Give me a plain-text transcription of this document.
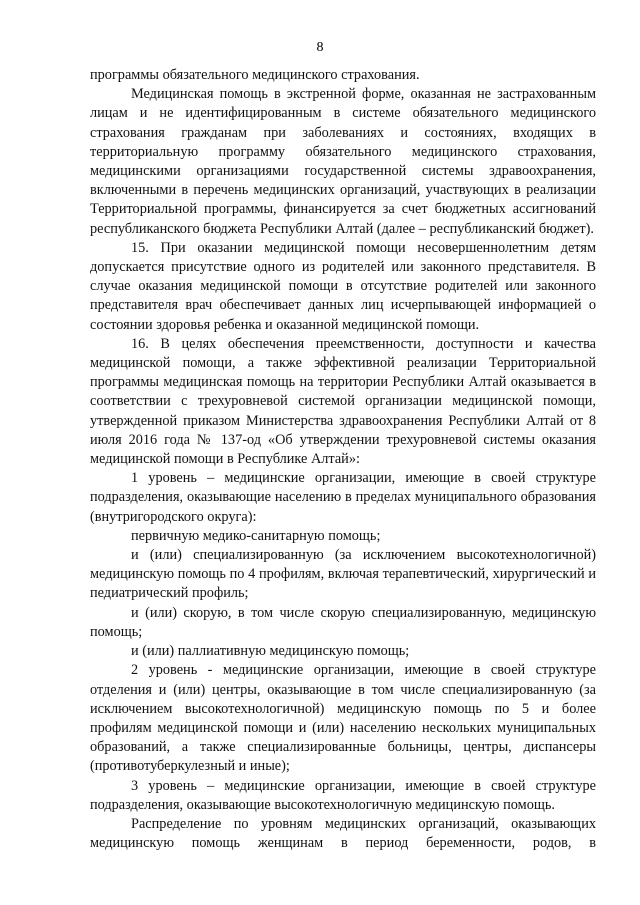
8

программы обязательного медицинского страхования.

Медицинская помощь в экстренной форме, оказанная не застрахованным лицам и не идентифицированным в системе обязательного медицинского страхования гражданам при заболеваниях и состояниях, входящих в территориальную программу обязательного медицинского страхования, медицинскими организациями государственной системы здравоохранения, включенными в перечень медицинских организаций, участвующих в реализации Территориальной программы, финансируется за счет бюджетных ассигнований республиканского бюджета Республики Алтай (далее – республиканский бюджет).

15. При оказании медицинской помощи несовершеннолетним детям допускается присутствие одного из родителей или законного представителя. В случае оказания медицинской помощи в отсутствие родителей или законного представителя врач обеспечивает данных лиц исчерпывающей информацией о состоянии здоровья ребенка и оказанной медицинской помощи.

16. В целях обеспечения преемственности, доступности и качества медицинской помощи, а также эффективной реализации Территориальной программы медицинская помощь на территории Республики Алтай оказывается в соответствии с трехуровневой системой организации медицинской помощи, утвержденной приказом Министерства здравоохранения Республики Алтай от 8 июля 2016 года № 137-од «Об утверждении трехуровневой системы оказания медицинской помощи в Республике Алтай»:

1 уровень – медицинские организации, имеющие в своей структуре подразделения, оказывающие населению в пределах муниципального образования (внутригородского округа):

первичную медико-санитарную помощь;

и (или) специализированную (за исключением высокотехнологичной) медицинскую помощь по 4 профилям, включая терапевтический, хирургический и педиатрический профиль;

и (или) скорую, в том числе скорую специализированную, медицинскую помощь;

и (или) паллиативную медицинскую помощь;

2 уровень - медицинские организации, имеющие в своей структуре отделения и (или) центры, оказывающие в том числе специализированную (за исключением высокотехнологичной) медицинскую помощь по 5 и более профилям медицинской помощи и (или) населению нескольких муниципальных образований, а также специализированные больницы, центры, диспансеры (противотуберкулезный и иные);

3 уровень – медицинские организации, имеющие в своей структуре подразделения, оказывающие высокотехнологичную медицинскую помощь.

Распределение по уровням медицинских организаций, оказывающих медицинскую помощь женщинам в период беременности, родов, в
